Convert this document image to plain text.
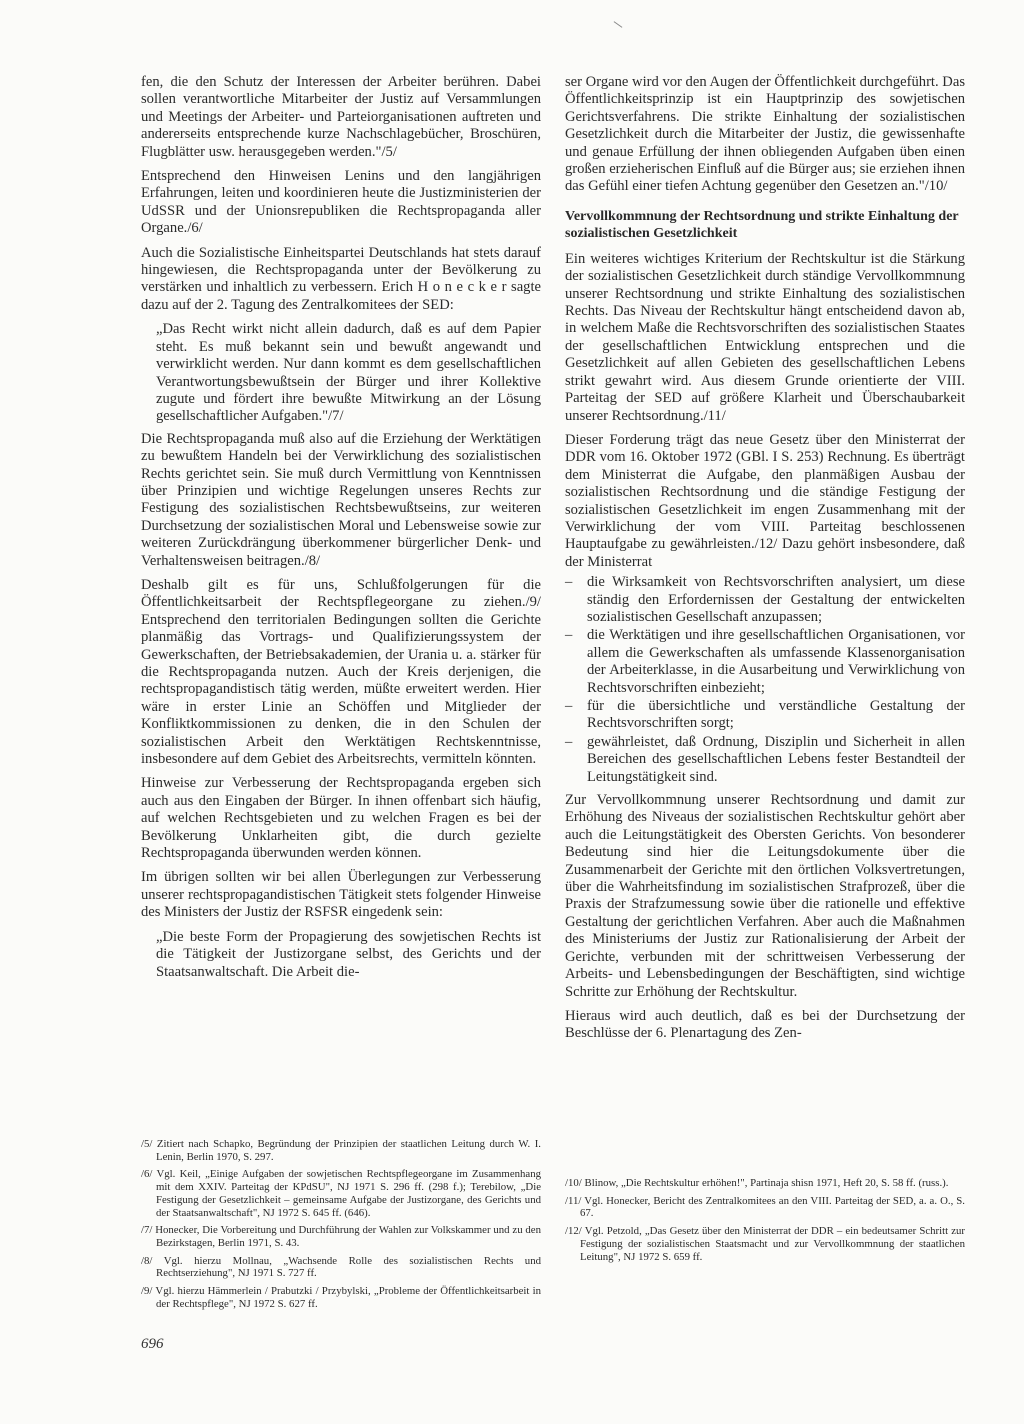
fen, die den Schutz der Interessen der Arbeiter berühren. Dabei sollen verantwortliche Mitarbeiter der Justiz auf Versammlungen und Meetings der Arbeiter- und Parteiorganisationen auftreten und andererseits entsprechende kurze Nachschlagebücher, Broschüren, Flugblätter usw. herausgegeben werden."/5/

Entsprechend den Hinweisen Lenins und den langjährigen Erfahrungen, leiten und koordinieren heute die Justizministerien der UdSSR und der Unionsrepubliken die Rechtspropaganda aller Organe./6/

Auch die Sozialistische Einheitspartei Deutschlands hat stets darauf hingewiesen, die Rechtspropaganda unter der Bevölkerung zu verstärken und inhaltlich zu verbessern. Erich H o n e c k e r sagte dazu auf der 2. Tagung des Zentralkomitees der SED:

„Das Recht wirkt nicht allein dadurch, daß es auf dem Papier steht. Es muß bekannt sein und bewußt angewandt und verwirklicht werden. Nur dann kommt es dem gesellschaftlichen Verantwortungsbewußtsein der Bürger und ihrer Kollektive zugute und fördert ihre bewußte Mitwirkung an der Lösung gesellschaftlicher Aufgaben."/7/

Die Rechtspropaganda muß also auf die Erziehung der Werktätigen zu bewußtem Handeln bei der Verwirklichung des sozialistischen Rechts gerichtet sein. Sie muß durch Vermittlung von Kenntnissen über Prinzipien und wichtige Regelungen unseres Rechts zur Festigung des sozialistischen Rechtsbewußtseins, zur weiteren Durchsetzung der sozialistischen Moral und Lebensweise sowie zur weiteren Zurückdrängung überkommener bürgerlicher Denk- und Verhaltensweisen beitragen./8/

Deshalb gilt es für uns, Schlußfolgerungen für die Öffentlichkeitsarbeit der Rechtspflegeorgane zu ziehen./9/ Entsprechend den territorialen Bedingungen sollten die Gerichte planmäßig das Vortrags- und Qualifizierungssystem der Gewerkschaften, der Betriebsakademien, der Urania u. a. stärker für die Rechtspropaganda nutzen. Auch der Kreis derjenigen, die rechtspropagandistisch tätig werden, müßte erweitert werden. Hier wäre in erster Linie an Schöffen und Mitglieder der Konfliktkommissionen zu denken, die in den Schulen der sozialistischen Arbeit den Werktätigen Rechtskenntnisse, insbesondere auf dem Gebiet des Arbeitsrechts, vermitteln könnten.

Hinweise zur Verbesserung der Rechtspropaganda ergeben sich auch aus den Eingaben der Bürger. In ihnen offenbart sich häufig, auf welchen Rechtsgebieten und zu welchen Fragen es bei der Bevölkerung Unklarheiten gibt, die durch gezielte Rechtspropaganda überwunden werden können.

Im übrigen sollten wir bei allen Überlegungen zur Verbesserung unserer rechtspropagandistischen Tätigkeit stets folgender Hinweise des Ministers der Justiz der RSFSR eingedenk sein:

„Die beste Form der Propagierung des sowjetischen Rechts ist die Tätigkeit der Justizorgane selbst, des Gerichts und der Staatsanwaltschaft. Die Arbeit die-

ser Organe wird vor den Augen der Öffentlichkeit durchgeführt. Das Öffentlichkeitsprinzip ist ein Hauptprinzip des sowjetischen Gerichtsverfahrens. Die strikte Einhaltung der sozialistischen Gesetzlichkeit durch die Mitarbeiter der Justiz, die gewissenhafte und genaue Erfüllung der ihnen obliegenden Aufgaben üben einen großen erzieherischen Einfluß auf die Bürger aus; sie erziehen ihnen das Gefühl einer tiefen Achtung gegenüber den Gesetzen an."/10/

Vervollkommnung der Rechtsordnung und strikte Einhaltung der sozialistischen Gesetzlichkeit

Ein weiteres wichtiges Kriterium der Rechtskultur ist die Stärkung der sozialistischen Gesetzlichkeit durch ständige Vervollkommnung unserer Rechtsordnung und strikte Einhaltung des sozialistischen Rechts. Das Niveau der Rechtskultur hängt entscheidend davon ab, in welchem Maße die Rechtsvorschriften des sozialistischen Staates der gesellschaftlichen Entwicklung entsprechen und die Gesetzlichkeit auf allen Gebieten des gesellschaftlichen Lebens strikt gewahrt wird. Aus diesem Grunde orientierte der VIII. Parteitag der SED auf größere Klarheit und Überschaubarkeit unserer Rechtsordnung./11/

Dieser Forderung trägt das neue Gesetz über den Ministerrat der DDR vom 16. Oktober 1972 (GBl. I S. 253) Rechnung. Es überträgt dem Ministerrat die Aufgabe, den planmäßigen Ausbau der sozialistischen Rechtsordnung und die ständige Festigung der sozialistischen Gesetzlichkeit im engen Zusammenhang mit der Verwirklichung der vom VIII. Parteitag beschlossenen Hauptaufgabe zu gewährleisten./12/ Dazu gehört insbesondere, daß der Ministerrat

– die Wirksamkeit von Rechtsvorschriften analysiert, um diese ständig den Erfordernissen der Gestaltung der entwickelten sozialistischen Gesellschaft anzupassen;
– die Werktätigen und ihre gesellschaftlichen Organisationen, vor allem die Gewerkschaften als umfassende Klassenorganisation der Arbeiterklasse, in die Ausarbeitung und Verwirklichung von Rechtsvorschriften einbezieht;
– für die übersichtliche und verständliche Gestaltung der Rechtsvorschriften sorgt;
– gewährleistet, daß Ordnung, Disziplin und Sicherheit in allen Bereichen des gesellschaftlichen Lebens fester Bestandteil der Leitungstätigkeit sind.

Zur Vervollkommnung unserer Rechtsordnung und damit zur Erhöhung des Niveaus der sozialistischen Rechtskultur gehört aber auch die Leitungstätigkeit des Obersten Gerichts. Von besonderer Bedeutung sind hier die Leitungsdokumente über die Zusammenarbeit der Gerichte mit den örtlichen Volksvertretungen, über die Wahrheitsfindung im sozialistischen Strafprozeß, über die Praxis der Strafzumessung sowie über die rationelle und effektive Gestaltung der gerichtlichen Verfahren. Aber auch die Maßnahmen des Ministeriums der Justiz zur Rationalisierung der Arbeit der Gerichte, verbunden mit der schrittweisen Verbesserung der Arbeits- und Lebensbedingungen der Beschäftigten, sind wichtige Schritte zur Erhöhung der Rechtskultur.

Hieraus wird auch deutlich, daß es bei der Durchsetzung der Beschlüsse der 6. Plenartagung des Zen-

/5/ Zitiert nach Schapko, Begründung der Prinzipien der staatlichen Leitung durch W. I. Lenin, Berlin 1970, S. 297.

/6/ Vgl. Keil, „Einige Aufgaben der sowjetischen Rechtspflegeorgane im Zusammenhang mit dem XXIV. Parteitag der KPdSU", NJ 1971 S. 296 ff. (298 f.); Terebilow, „Die Festigung der Gesetzlichkeit – gemeinsame Aufgabe der Justizorgane, des Gerichts und der Staatsanwaltschaft", NJ 1972 S. 645 ff. (646).

/7/ Honecker, Die Vorbereitung und Durchführung der Wahlen zur Volkskammer und zu den Bezirkstagen, Berlin 1971, S. 43.

/8/ Vgl. hierzu Mollnau, „Wachsende Rolle des sozialistischen Rechts und Rechtserziehung", NJ 1971 S. 727 ff.

/9/ Vgl. hierzu Hämmerlein / Prabutzki / Przybylski, „Probleme der Öffentlichkeitsarbeit in der Rechtspflege", NJ 1972 S. 627 ff.

/10/ Blinow, „Die Rechtskultur erhöhen!", Partinaja shisn 1971, Heft 20, S. 58 ff. (russ.).

/11/ Vgl. Honecker, Bericht des Zentralkomitees an den VIII. Parteitag der SED, a. a. O., S. 67.

/12/ Vgl. Petzold, „Das Gesetz über den Ministerrat der DDR – ein bedeutsamer Schritt zur Festigung der sozialistischen Staatsmacht und zur Vervollkommnung der staatlichen Leitung", NJ 1972 S. 659 ff.

696
